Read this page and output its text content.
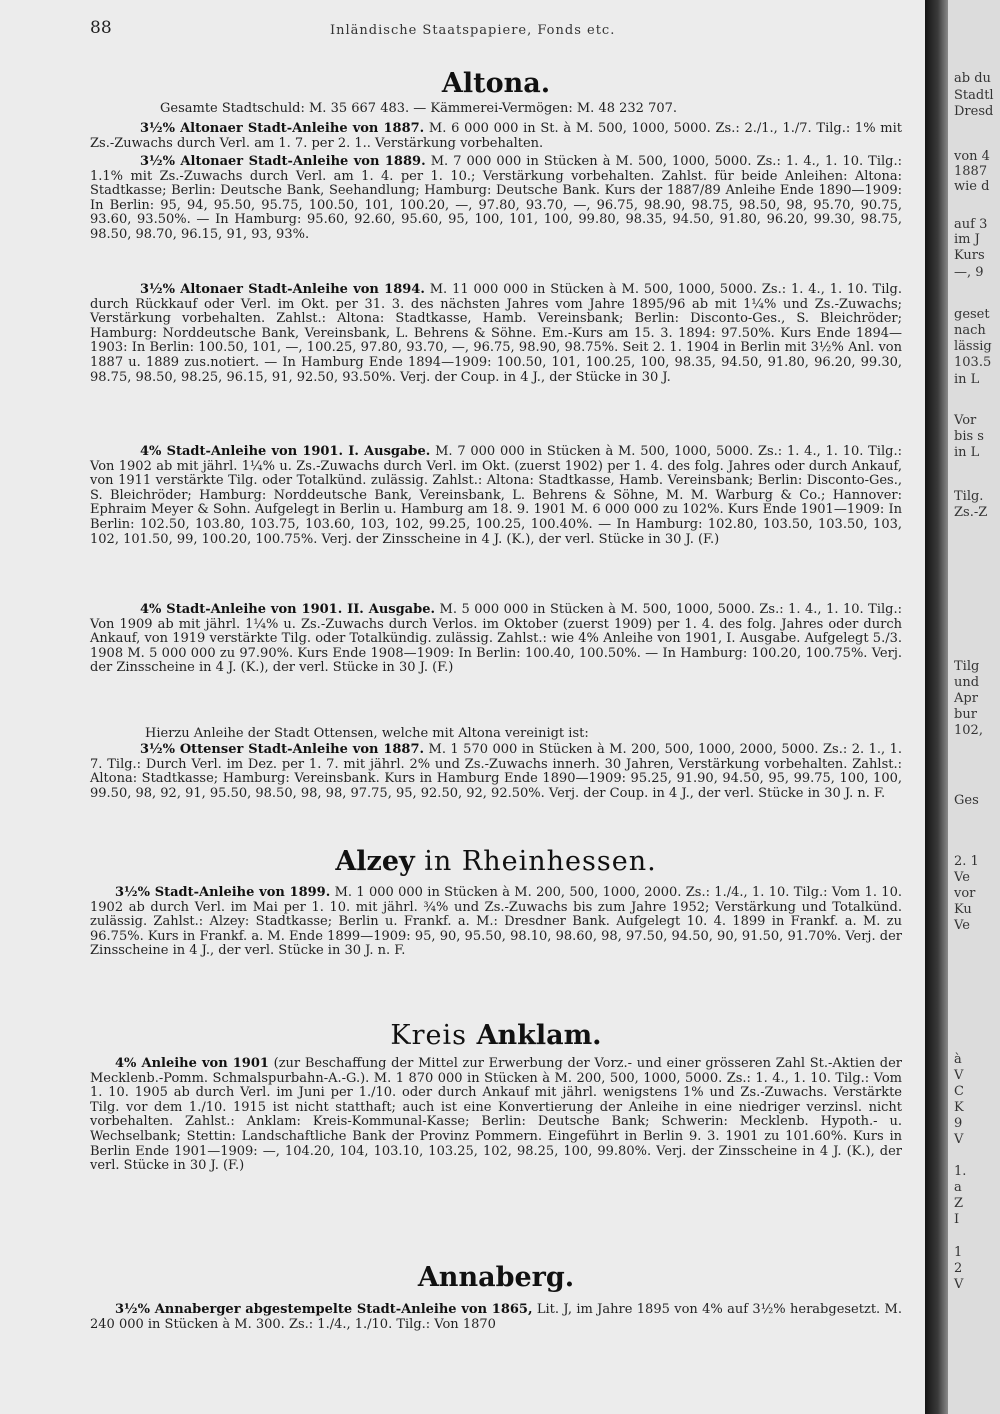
88	Inländische Staatspapiere, Fonds etc.
Altona.
Gesamte Stadtschuld: M. 35 667 483. — Kämmerei-Vermögen: M. 48 232 707.
3½% Altonaer Stadt-Anleihe von 1887. M. 6 000 000 in St. à M. 500, 1000, 5000. Zs.: 2./1., 1./7. Tilg.: 1% mit Zs.-Zuwachs durch Verl. am 1. 7. per 2. 1.. Verstärkung vorbehalten.
3½% Altonaer Stadt-Anleihe von 1889. M. 7 000 000 in Stücken à M. 500, 1000, 5000. Zs.: 1. 4., 1. 10. Tilg.: 1.1% mit Zs.-Zuwachs durch Verl. am 1. 4. per 1. 10.; Verstärkung vorbehalten. Zahlst. für beide Anleihen: Altona: Stadtkasse; Berlin: Deutsche Bank, Seehandlung; Hamburg: Deutsche Bank. Kurs der 1887/89 Anleihe Ende 1890—1909: In Berlin: 95, 94, 95.50, 95.75, 100.50, 101, 100.20, —, 97.80, 93.70, —, 96.75, 98.90, 98.75, 98.50, 98, 95.70, 90.75, 93.60, 93.50%. — In Hamburg: 95.60, 92.60, 95.60, 95, 100, 101, 100, 99.80, 98.35, 94.50, 91.80, 96.20, 99.30, 98.75, 98.50, 98.70, 96.15, 91, 93, 93%.
3½% Altonaer Stadt-Anleihe von 1894. M. 11 000 000 in Stücken à M. 500, 1000, 5000. Zs.: 1. 4., 1. 10. Tilg. durch Rückkauf oder Verl. im Okt. per 31. 3. des nächsten Jahres vom Jahre 1895/96 ab mit 1¼% und Zs.-Zuwachs; Verstärkung vorbehalten. Zahlst.: Altona: Stadtkasse, Hamb. Vereinsbank; Berlin: Disconto-Ges., S. Bleichröder; Hamburg: Norddeutsche Bank, Vereinsbank, L. Behrens & Söhne. Em.-Kurs am 15. 3. 1894: 97.50%. Kurs Ende 1894—1903: In Berlin: 100.50, 101, —, 100.25, 97.80, 93.70, —, 96.75, 98.90, 98.75%. Seit 2. 1. 1904 in Berlin mit 3½% Anl. von 1887 u. 1889 zus.notiert. — In Hamburg Ende 1894—1909: 100.50, 101, 100.25, 100, 98.35, 94.50, 91.80, 96.20, 99.30, 98.75, 98.50, 98.25, 96.15, 91, 92.50, 93.50%. Verj. der Coup. in 4 J., der Stücke in 30 J.
4% Stadt-Anleihe von 1901. I. Ausgabe. M. 7 000 000 in Stücken à M. 500, 1000, 5000. Zs.: 1. 4., 1. 10. Tilg.: Von 1902 ab mit jährl. 1¼% u. Zs.-Zuwachs durch Verl. im Okt. (zuerst 1902) per 1. 4. des folg. Jahres oder durch Ankauf, von 1911 verstärkte Tilg. oder Totalkünd. zulässig. Zahlst.: Altona: Stadtkasse, Hamb. Vereinsbank; Berlin: Disconto-Ges., S. Bleichröder; Hamburg: Norddeutsche Bank, Vereinsbank, L. Behrens & Söhne, M. M. Warburg & Co.; Hannover: Ephraim Meyer & Sohn. Aufgelegt in Berlin u. Hamburg am 18. 9. 1901 M. 6 000 000 zu 102%. Kurs Ende 1901—1909: In Berlin: 102.50, 103.80, 103.75, 103.60, 103, 102, 99.25, 100.25, 100.40%. — In Hamburg: 102.80, 103.50, 103.50, 103, 102, 101.50, 99, 100.20, 100.75%. Verj. der Zinsscheine in 4 J. (K.), der verl. Stücke in 30 J. (F.)
4% Stadt-Anleihe von 1901. II. Ausgabe. M. 5 000 000 in Stücken à M. 500, 1000, 5000. Zs.: 1. 4., 1. 10. Tilg.: Von 1909 ab mit jährl. 1¼% u. Zs.-Zuwachs durch Verlos. im Oktober (zuerst 1909) per 1. 4. des folg. Jahres oder durch Ankauf, von 1919 verstärkte Tilg. oder Totalkündig. zulässig. Zahlst.: wie 4% Anleihe von 1901, I. Ausgabe. Aufgelegt 5./3. 1908 M. 5 000 000 zu 97.90%. Kurs Ende 1908—1909: In Berlin: 100.40, 100.50%. — In Hamburg: 100.20, 100.75%. Verj. der Zinsscheine in 4 J. (K.), der verl. Stücke in 30 J. (F.)
Hierzu Anleihe der Stadt Ottensen, welche mit Altona vereinigt ist:
3½% Ottenser Stadt-Anleihe von 1887. M. 1 570 000 in Stücken à M. 200, 500, 1000, 2000, 5000. Zs.: 2. 1., 1. 7. Tilg.: Durch Verl. im Dez. per 1. 7. mit jährl. 2% und Zs.-Zuwachs innerh. 30 Jahren, Verstärkung vorbehalten. Zahlst.: Altona: Stadtkasse; Hamburg: Vereinsbank. Kurs in Hamburg Ende 1890—1909: 95.25, 91.90, 94.50, 95, 99.75, 100, 100, 99.50, 98, 92, 91, 95.50, 98.50, 98, 98, 97.75, 95, 92.50, 92, 92.50%. Verj. der Coup. in 4 J., der verl. Stücke in 30 J. n. F.
Alzey in Rheinhessen.
3½% Stadt-Anleihe von 1899. M. 1 000 000 in Stücken à M. 200, 500, 1000, 2000. Zs.: 1./4., 1. 10. Tilg.: Vom 1. 10. 1902 ab durch Verl. im Mai per 1. 10. mit jährl. ¾% und Zs.-Zuwachs bis zum Jahre 1952; Verstärkung und Totalkünd. zulässig. Zahlst.: Alzey: Stadtkasse; Berlin u. Frankf. a. M.: Dresdner Bank. Aufgelegt 10. 4. 1899 in Frankf. a. M. zu 96.75%. Kurs in Frankf. a. M. Ende 1899—1909: 95, 90, 95.50, 98.10, 98.60, 98, 97.50, 94.50, 90, 91.50, 91.70%. Verj. der Zinsscheine in 4 J., der verl. Stücke in 30 J. n. F.
Kreis Anklam.
4% Anleihe von 1901 (zur Beschaffung der Mittel zur Erwerbung der Vorz.- und einer grösseren Zahl St.-Aktien der Mecklenb.-Pomm. Schmalspurbahn-A.-G.). M. 1 870 000 in Stücken à M. 200, 500, 1000, 5000. Zs.: 1. 4., 1. 10. Tilg.: Vom 1. 10. 1905 ab durch Verl. im Juni per 1./10. oder durch Ankauf mit jährl. wenigstens 1% und Zs.-Zuwachs. Verstärkte Tilg. vor dem 1./10. 1915 ist nicht statthaft; auch ist eine Konvertierung der Anleihe in eine niedriger verzinsl. nicht vorbehalten. Zahlst.: Anklam: Kreis-Kommunal-Kasse; Berlin: Deutsche Bank; Schwerin: Mecklenb. Hypoth.- u. Wechselbank; Stettin: Landschaftliche Bank der Provinz Pommern. Eingeführt in Berlin 9. 3. 1901 zu 101.60%. Kurs in Berlin Ende 1901—1909: —, 104.20, 104, 103.10, 103.25, 102, 98.25, 100, 99.80%. Verj. der Zinsscheine in 4 J. (K.), der verl. Stücke in 30 J. (F.)
Annaberg.
3½% Annaberger abgestempelte Stadt-Anleihe von 1865, Lit. J, im Jahre 1895 von 4% auf 3½% herabgesetzt. M. 240 000 in Stücken à M. 300. Zs.: 1./4., 1./10. Tilg.: Von 1870
ab du
Stadtl
Dresd
von 4
1887
wie d
auf 3
im J
Kurs
—, 9
geset
nach
lässig
103.5
in L
Vor
bis s
in L
Tilg.
Zs.-Z
Tilg
und
Apr
bur
102,
Ges
2. 1
Ve
vor
Ku
Ve
à
V
C
K
9
V
1.
a
Z
I
1
2
V
